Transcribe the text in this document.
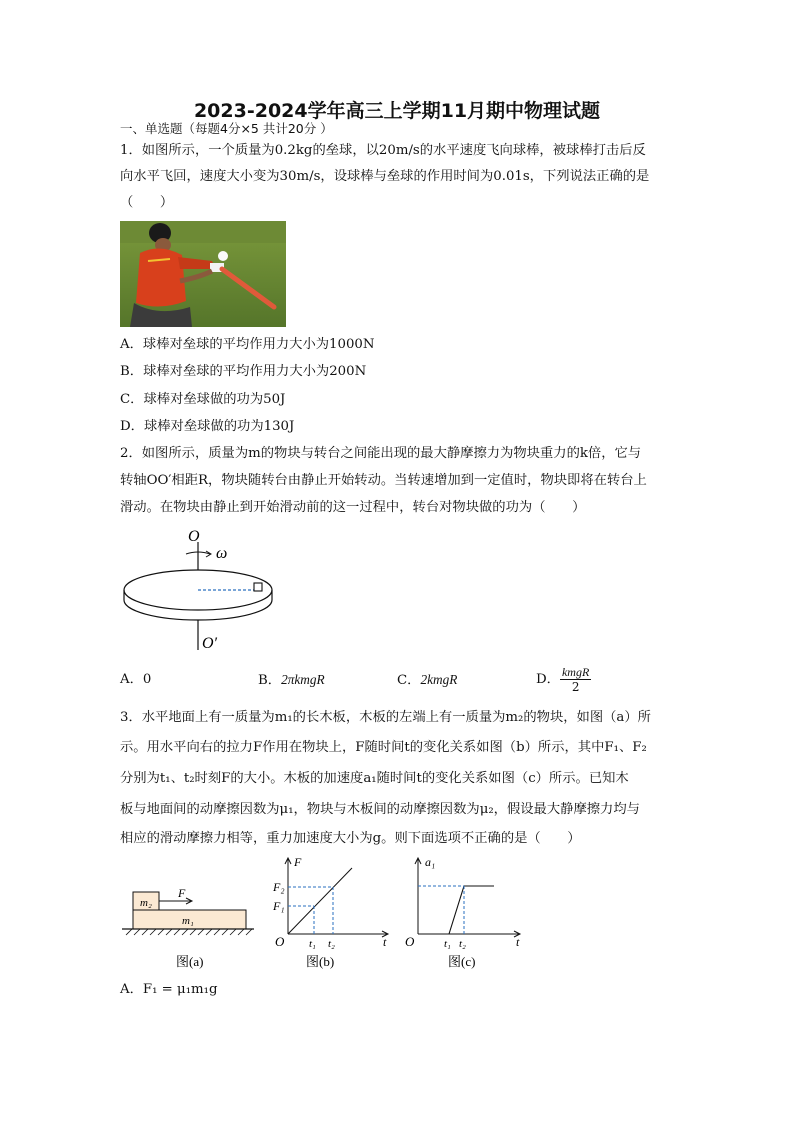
2023-2024学年高三上学期11月期中物理试题
一、单选题（每题4分×5 共计20分 ）
1．如图所示，一个质量为0.2kg的垒球，以20m/s的水平速度飞向球棒，被球棒打击后反
向水平飞回，速度大小变为30m/s，设球棒与垒球的作用时间为0.01s，下列说法正确的是
（　　）
A．球棒对垒球的平均作用力大小为1000N
B．球棒对垒球的平均作用力大小为200N
C．球棒对垒球做的功为50J
D．球棒对垒球做的功为130J
2．如图所示，质量为m的物块与转台之间能出现的最大静摩擦力为物块重力的k倍，它与
转轴OO′相距R，物块随转台由静止开始转动。当转速增加到一定值时，物块即将在转台上
滑动。在物块由静止到开始滑动前的这一过程中，转台对物块做的功为（　　）
O
ω
O′
A．0	B．2πkmgR	C．2kmgR	D． $\frac{\text{kmgR}}{2}$
3．水平地面上有一质量为m₁的长木板，木板的左端上有一质量为m₂的物块，如图（a）所
示。用水平向右的拉力F作用在物块上，F随时间t的变化关系如图（b）所示，其中F₁、F₂
分别为t₁、t₂时刻F的大小。木板的加速度a₁随时间t的变化关系如图（c）所示。已知木
板与地面间的动摩擦因数为μ₁，物块与木板间的动摩擦因数为μ₂，假设最大静摩擦力均与
相应的滑动摩擦力相等，重力加速度大小为g。则下面选项不正确的是（　　）
m₂
m₁
F
图(a)
F
t
O
F₁
F₂
t₁ t₂
图(b)
a₁
t
O	t₁ t₂
图(c)
A．F₁ = μ₁m₁g
